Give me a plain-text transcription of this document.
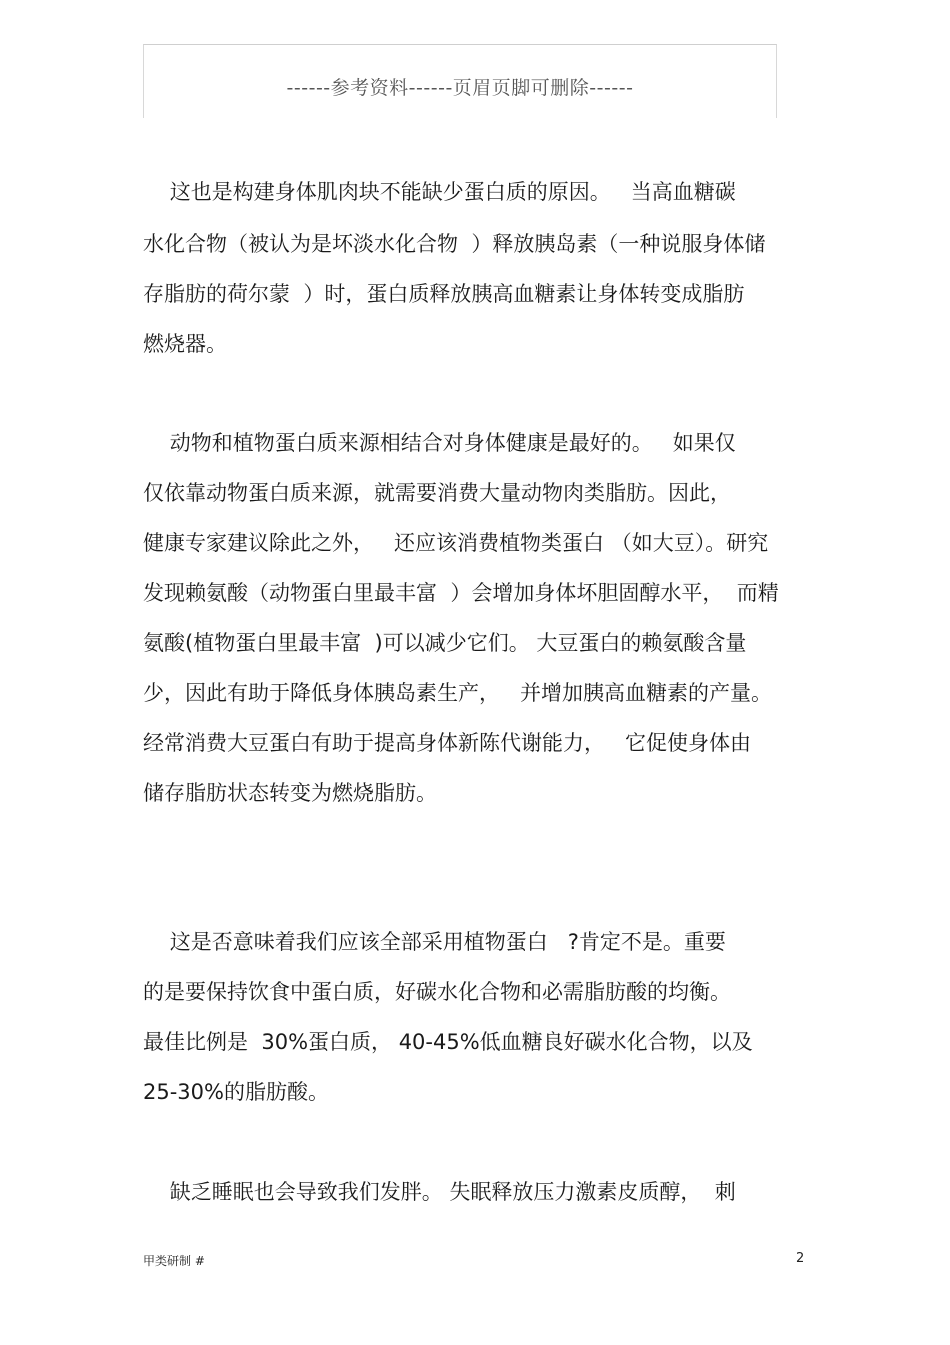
------参考资料------页眉页脚可删除------
这也是构建身体肌肉块不能缺少蛋白质的原因。   当高血糖碳
水化合物（被认为是坏淡水化合物  ）释放胰岛素（一种说服身体储
存脂肪的荷尔蒙  ）时，蛋白质释放胰高血糖素让身体转变成脂肪
燃烧器。
动物和植物蛋白质来源相结合对身体健康是最好的。   如果仅
仅依靠动物蛋白质来源，就需要消费大量动物肉类脂肪。因此，
健康专家建议除此之外，   还应该消费植物类蛋白 （如大豆）。研究
发现赖氨酸（动物蛋白里最丰富  ）会增加身体坏胆固醇水平，  而精
氨酸(植物蛋白里最丰富  )可以减少它们。 大豆蛋白的赖氨酸含量
少，因此有助于降低身体胰岛素生产，   并增加胰高血糖素的产量。
经常消费大豆蛋白有助于提高身体新陈代谢能力，   它促使身体由
储存脂肪状态转变为燃烧脂肪。
这是否意味着我们应该全部采用植物蛋白   ?肯定不是。重要
的是要保持饮食中蛋白质，好碳水化合物和必需脂肪酸的均衡。
最佳比例是  30%蛋白质， 40-45%低血糖良好碳水化合物，以及
25-30%的脂肪酸。
缺乏睡眠也会导致我们发胖。 失眠释放压力激素皮质醇，  刺
甲类研制 #	2
